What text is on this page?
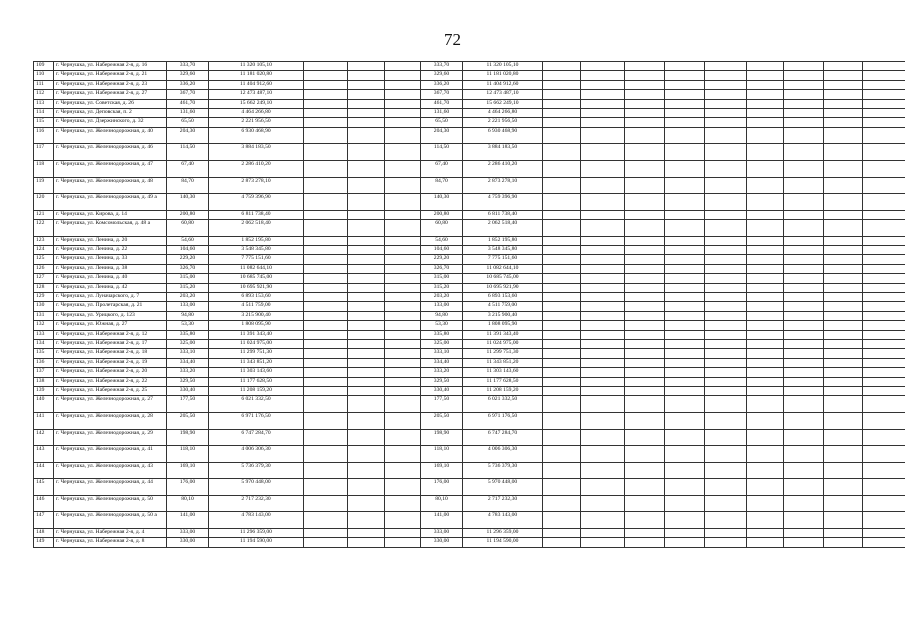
72
109	г. Чернушка, ул. Набережная 2-я, д. 16	333,70	11 320 105,10				333,70	11 320 105,10									
110	г. Чернушка, ул. Набережная 2-я, д. 21	329,60	11 181 020,80				329,60	11 181 020,80									
111	г. Чернушка, ул. Набережная 2-я, д. 23	336,20	11 404 912,60				336,20	11 404 912,60									
112	г. Чернушка, ул. Набережная 2-я, д. 27	367,70	12 473 487,10				367,70	12 473 487,10									
113	г. Чернушка, ул. Советская, д. 26	461,70	15 662 249,10				461,70	15 662 249,10									
114	г. Чернушка, ул. Деповская, п. 2	131,60	4 464 266,80				131,60	4 464 266,80									
115	г. Чернушка, ул. Дзержинского, д. 32	65,50	2 221 956,50				65,50	2 221 956,50									
116	г. Чернушка, ул. Железнодорожная, д. 40	204,30	6 930 468,90				204,30	6 930 468,90									
117	г. Чернушка, ул. Железнодорожная, д. 46	114,50	3 884 183,50				114,50	3 884 183,50									
118	г. Чернушка, ул. Железнодорожная, д. 47	67,40	2 286 410,20				67,40	2 286 410,20									
119	г. Чернушка, ул. Железнодорожная, д. 48	84,70	2 873 278,10				84,70	2 873 278,10									
120	г. Чернушка, ул. Железнодорожная, д. 49 а	140,30	4 759 396,90				140,30	4 759 396,90									
121	г. Чернушка, ул. Кирова, д. 14	200,80	6 811 738,40				200,80	6 811 738,40									
122	г. Чернушка, ул. Комсомольская, д. 48 а	60,80	2 062 518,40				60,80	2 062 518,40									
123	г. Чернушка, ул. Ленина, д. 20	54,60	1 852 195,80				54,60	1 852 195,80									
124	г. Чернушка, ул. Ленина, д. 22	104,60	3 548 345,80				104,60	3 548 345,80									
125	г. Чернушка, ул. Ленина, д. 33	229,20	7 775 151,60				229,20	7 775 151,60									
126	г. Чернушка, ул. Ленина, д. 38	326,70	11 082 644,10				326,70	11 082 644,10									
127	г. Чернушка, ул. Ленина, д. 40	315,00	10 685 745,00				315,00	10 685 745,00									
128	г. Чернушка, ул. Ленина, д. 42	315,20	10 695 921,90				315,20	10 695 921,90									
129	г. Чернушка, ул. Луначарского, д. 7	203,20	6 893 153,60				203,20	6 893 153,60									
130	г. Чернушка, ул. Пролетарская, д. 21	133,00	4 511 759,00				133,00	4 511 759,00									
131	г. Чернушка, ул. Урицкого, д. 123	94,80	3 215 900,40				94,80	3 215 900,40									
132	г. Чернушка, ул. Южная, д. 27	53,30	1 808 095,90				53,30	1 808 095,90									
133	г. Чернушка, ул. Набережная 2-я, д. 12	335,80	11 391 343,40				335,80	11 391 343,40									
134	г. Чернушка, ул. Набережная 2-я, д. 17	325,00	11 024 975,00				325,00	11 024 975,00									
135	г. Чернушка, ул. Набережная 2-я, д. 18	333,10	11 299 751,30				333,10	11 299 751,30									
136	г. Чернушка, ул. Набережная 2-я, д. 19	334,40	11 343 851,20				334,40	11 343 851,20									
137	г. Чернушка, ул. Набережная 2-я, д. 20	333,20	11 303 143,60				333,20	11 303 143,60									
138	г. Чернушка, ул. Набережная 2-я, д. 22	329,50	11 177 628,50				329,50	11 177 628,50									
139	г. Чернушка, ул. Набережная 2-я, д. 25	330,40	11 208 159,20				330,40	11 208 159,20									
140	г. Чернушка, ул. Железнодорожная, д. 27	177,50	6 021 332,50				177,50	6 021 332,50									
141	г. Чернушка, ул. Железнодорожная, д. 28	205,50	6 971 176,50				205,50	6 971 176,50									
142	г. Чернушка, ул. Железнодорожная, д. 29	198,90	6 747 284,70				198,90	6 747 284,70									
143	г. Чернушка, ул. Железнодорожная, д. 41	118,10	4 006 306,30				118,10	4 006 306,30									
144	г. Чернушка, ул. Железнодорожная, д. 43	169,10	5 736 379,30				169,10	5 736 379,30									
145	г. Чернушка, ул. Железнодорожная, д. 44	176,00	5 970 448,00				176,00	5 970 448,00									
146	г. Чернушка, ул. Железнодорожная, д. 50	80,10	2 717 232,30				80,10	2 717 232,30									
147	г. Чернушка, ул. Железнодорожная, д. 50 а	141,00	4 783 143,00				141,00	4 783 143,00									
148	г. Чернушка, ул. Набережная 2-я, д. 4	333,00	11 296 359,00				333,00	11 296 359,00									
149	г. Чернушка, ул. Набережная 2-я, д. 8	330,00	11 194 590,00				330,00	11 194 590,00									
